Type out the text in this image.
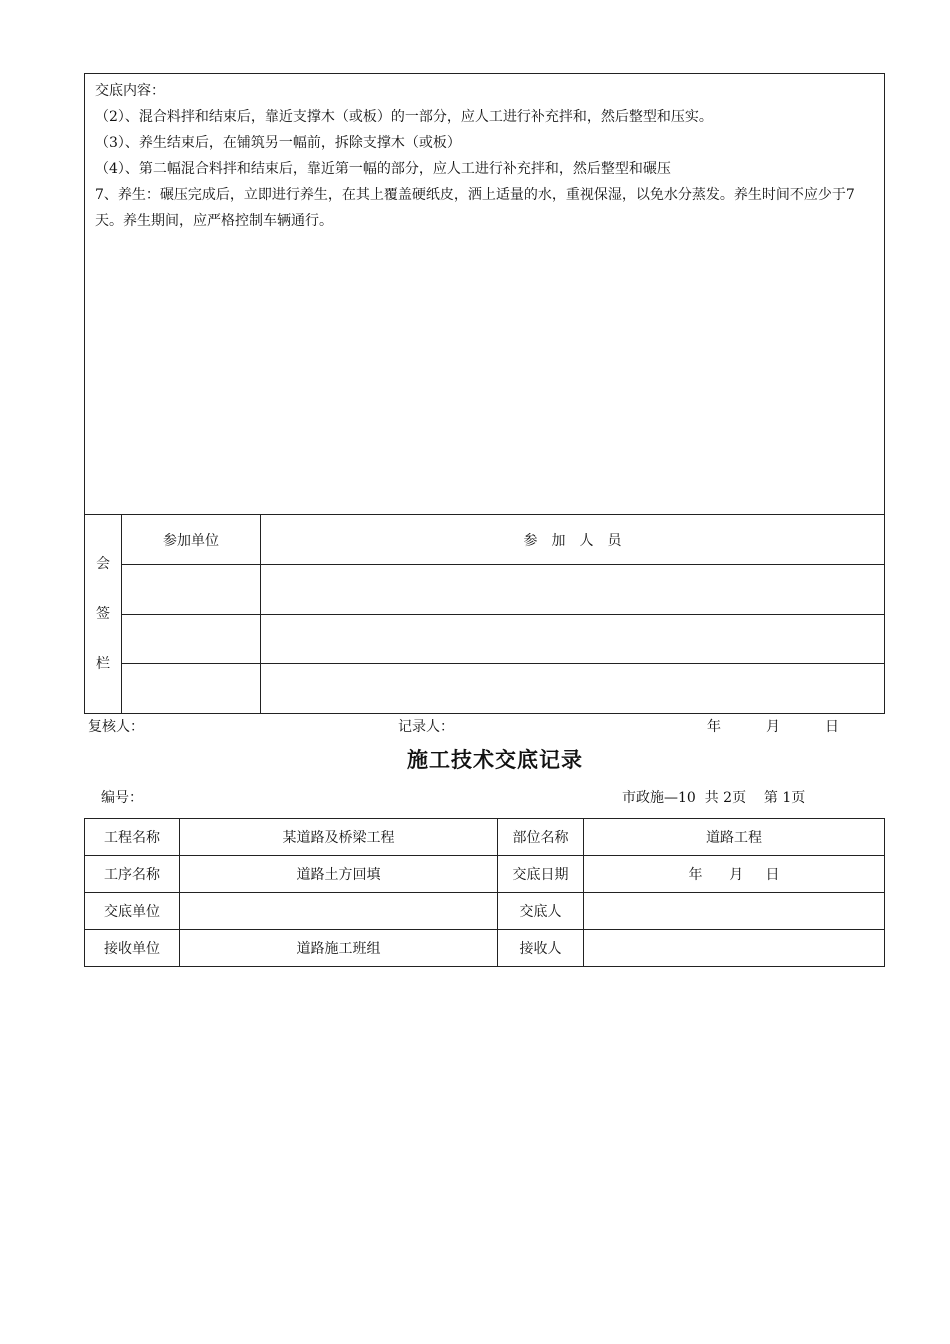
交底内容：

（2）、混合料拌和结束后，靠近支撑木（或板）的一部分，应人工进行补充拌和，然后整型和压实。

（3）、养生结束后，在铺筑另一幅前，拆除支撑木（或板）

（4）、第二幅混合料拌和结束后，靠近第一幅的部分，应人工进行补充拌和，然后整型和碾压

7、养生：碾压完成后，立即进行养生，在其上覆盖硬纸皮，洒上适量的水，重视保湿，以免水分蒸发。养生时间不应少于7天。养生期间，应严格控制车辆通行。

会
签
栏	参加单位	参　加　人　员

复核人：	记录人：	年	月	日
施工技术交底记录
编号：	市政施—10  共 2页    第 1页
工程名称	某道路及桥梁工程	部位名称	道路工程
工序名称	道路土方回填	交底日期	年      月     日
交底单位		交底人	
接收单位	道路施工班组	接收人	
